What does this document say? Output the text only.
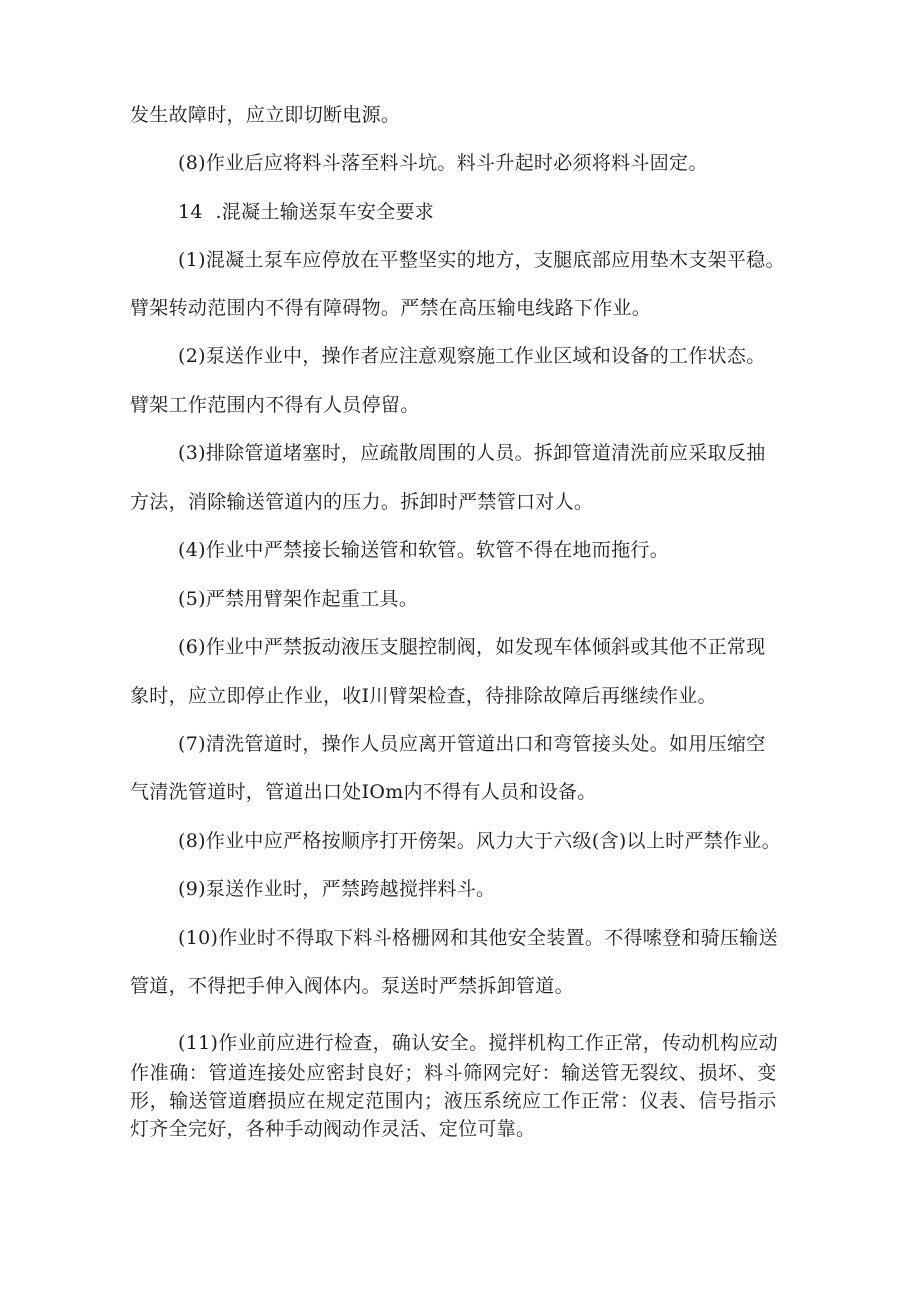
发生故障时，应立即切断电源。
(8)作业后应将料斗落至料斗坑。料斗升起时必须将料斗固定。
14  .混凝土输送泵车安全要求
(1)混凝土泵车应停放在平整坚实的地方，支腿底部应用垫木支架平稳。
臂架转动范围内不得有障碍物。严禁在高压输电线路下作业。
(2)泵送作业中，操作者应注意观察施工作业区域和设备的工作状态。
臂架工作范围内不得有人员停留。
(3)排除管道堵塞时，应疏散周围的人员。拆卸管道清洗前应采取反抽
方法，消除输送管道内的压力。拆卸时严禁管口对人。
(4)作业中严禁接长输送管和软管。软管不得在地而拖行。
(5)严禁用臂架作起重工具。
(6)作业中严禁扳动液压支腿控制阀，如发现车体倾斜或其他不正常现
象时，应立即停止作业，收I川臂架检查，待排除故障后再继续作业。
(7)清洗管道时，操作人员应离开管道出口和弯管接头处。如用压缩空
气清洗管道时，管道出口处IOm内不得有人员和设备。
(8)作业中应严格按顺序打开傍架。风力大于六级(含)以上时严禁作业。
(9)泵送作业时，严禁跨越搅拌料斗。
(10)作业时不得取下料斗格栅网和其他安全装置。不得嗦登和骑压输送
管道，不得把手伸入阀体内。泵送时严禁拆卸管道。
(11)作业前应进行检查，确认安全。搅拌机构工作正常，传动机构应动
作准确：管道连接处应密封良好；料斗筛网完好：输送管无裂纹、损坏、变
形，输送管道磨损应在规定范围内；液压系统应工作正常：仪表、信号指示
灯齐全完好，各种手动阀动作灵活、定位可靠。
